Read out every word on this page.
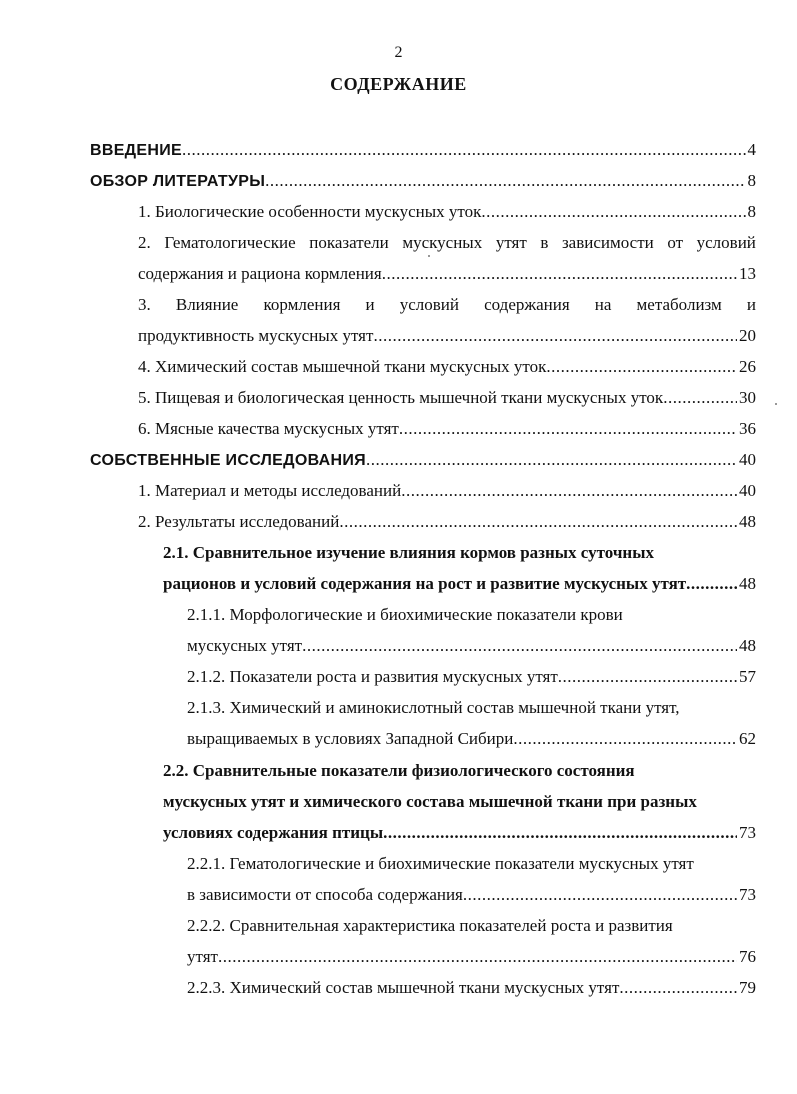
2
СОДЕРЖАНИЕ
ВВЕДЕНИЕ .....	4
ОБЗОР ЛИТЕРАТУРЫ .....	8
1. Биологические особенности мускусных уток .....	8
2. Гематологические показатели мускусных утят в зависимости от условий
содержания и рациона кормления .....	13
3. Влияние кормления и условий содержания на метаболизм и
продуктивность мускусных утят .....	20
4. Химический состав мышечной ткани мускусных уток .....	26
5. Пищевая и биологическая ценность мышечной ткани мускусных уток .....	30
6. Мясные качества мускусных утят .....	36
СОБСТВЕННЫЕ ИССЛЕДОВАНИЯ .....	40
1. Материал и методы исследований .....	40
2. Результаты исследований .....	48
2.1. Сравнительное изучение влияния кормов разных суточных
рационов и условий содержания на рост и развитие мускусных утят .....	48
2.1.1. Морфологические и биохимические показатели крови
мускусных утят .....	48
2.1.2. Показатели роста и развития мускусных утят .....	57
2.1.3. Химический и аминокислотный состав мышечной ткани утят,
выращиваемых в условиях Западной Сибири .....	62
2.2. Сравнительные показатели физиологического состояния
мускусных утят и химического состава мышечной ткани при разных
условиях содержания птицы .....	73
2.2.1. Гематологические и биохимические показатели мускусных утят
в зависимости от способа содержания .....	73
2.2.2. Сравнительная характеристика показателей роста и развития
утят .....	76
2.2.3. Химический состав мышечной ткани мускусных утят .....	79
